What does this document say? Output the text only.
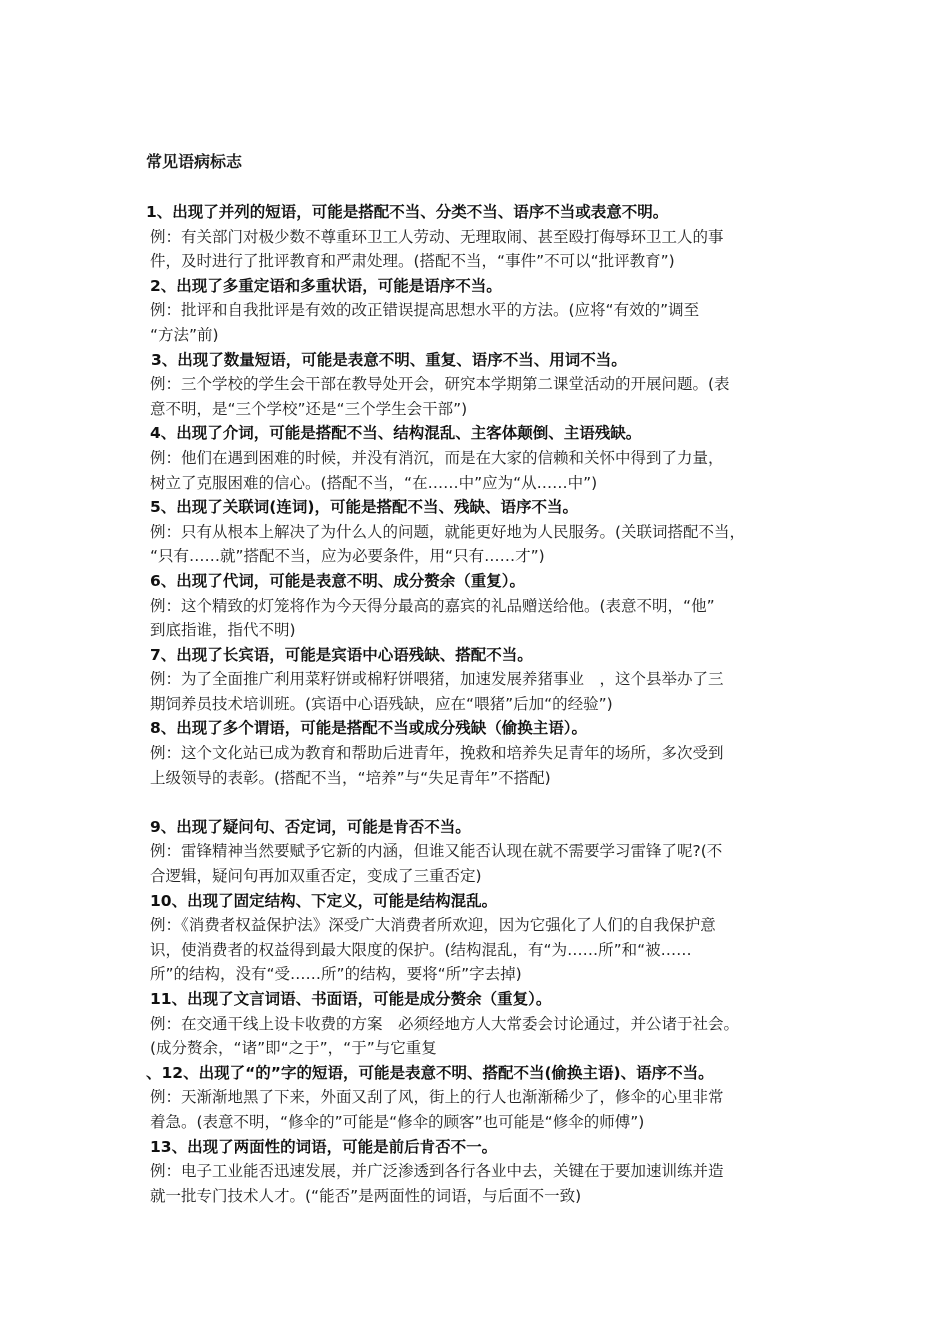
常见语病标志
1、出现了并列的短语，可能是搭配不当、分类不当、语序不当或表意不明。
例：有关部门对极少数不尊重环卫工人劳动、无理取闹、甚至殴打侮辱环卫工人的事
件，及时进行了批评教育和严肃处理。(搭配不当，“事件”不可以“批评教育”)
2、出现了多重定语和多重状语，可能是语序不当。
例：批评和自我批评是有效的改正错误提高思想水平的方法。(应将“有效的”调至
“方法”前)
3、出现了数量短语，可能是表意不明、重复、语序不当、用词不当。
例：三个学校的学生会干部在教导处开会，研究本学期第二课堂活动的开展问题。(表
意不明，是“三个学校”还是“三个学生会干部”)
4、出现了介词，可能是搭配不当、结构混乱、主客体颠倒、主语残缺。
例：他们在遇到困难的时候，并没有消沉，而是在大家的信赖和关怀中得到了力量，
树立了克服困难的信心。(搭配不当，“在……中”应为“从……中”)
5、出现了关联词(连词)，可能是搭配不当、残缺、语序不当。
例：只有从根本上解决了为什么人的问题，就能更好地为人民服务。(关联词搭配不当，
“只有……就”搭配不当，应为必要条件，用“只有……才”)
6、出现了代词，可能是表意不明、成分赘余（重复）。
例：这个精致的灯笼将作为今天得分最高的嘉宾的礼品赠送给他。(表意不明，“他”
到底指谁，指代不明)
7、出现了长宾语，可能是宾语中心语残缺、搭配不当。
例：为了全面推广利用菜籽饼或棉籽饼喂猪，加速发展养猪事业　，这个县举办了三
期饲养员技术培训班。(宾语中心语残缺，应在“喂猪”后加“的经验”)
8、出现了多个谓语，可能是搭配不当或成分残缺（偷换主语）。
例：这个文化站已成为教育和帮助后进青年，挽救和培养失足青年的场所，多次受到
上级领导的表彰。(搭配不当，“培养”与“失足青年”不搭配)
9、出现了疑问句、否定词，可能是肯否不当。
例：雷锋精神当然要赋予它新的内涵，但谁又能否认现在就不需要学习雷锋了呢?(不
合逻辑，疑问句再加双重否定，变成了三重否定)
10、出现了固定结构、下定义，可能是结构混乱。
例：《消费者权益保护法》深受广大消费者所欢迎，因为它强化了人们的自我保护意
识，使消费者的权益得到最大限度的保护。(结构混乱，有“为……所”和“被……
所”的结构，没有“受……所”的结构，要将“所”字去掉)
11、出现了文言词语、书面语，可能是成分赘余（重复）。
例：在交通干线上设卡收费的方案　必须经地方人大常委会讨论通过，并公诸于社会。
(成分赘余，“诸”即“之于”，“于”与它重复
、12、出现了“的”字的短语，可能是表意不明、搭配不当(偷换主语)、语序不当。
例：天渐渐地黑了下来，外面又刮了风，街上的行人也渐渐稀少了，修伞的心里非常
着急。(表意不明，“修伞的”可能是“修伞的顾客”也可能是“修伞的师傅”)
13、出现了两面性的词语，可能是前后肯否不一。
例：电子工业能否迅速发展，并广泛渗透到各行各业中去，关键在于要加速训练并造
就一批专门技术人才。(“能否”是两面性的词语，与后面不一致)
